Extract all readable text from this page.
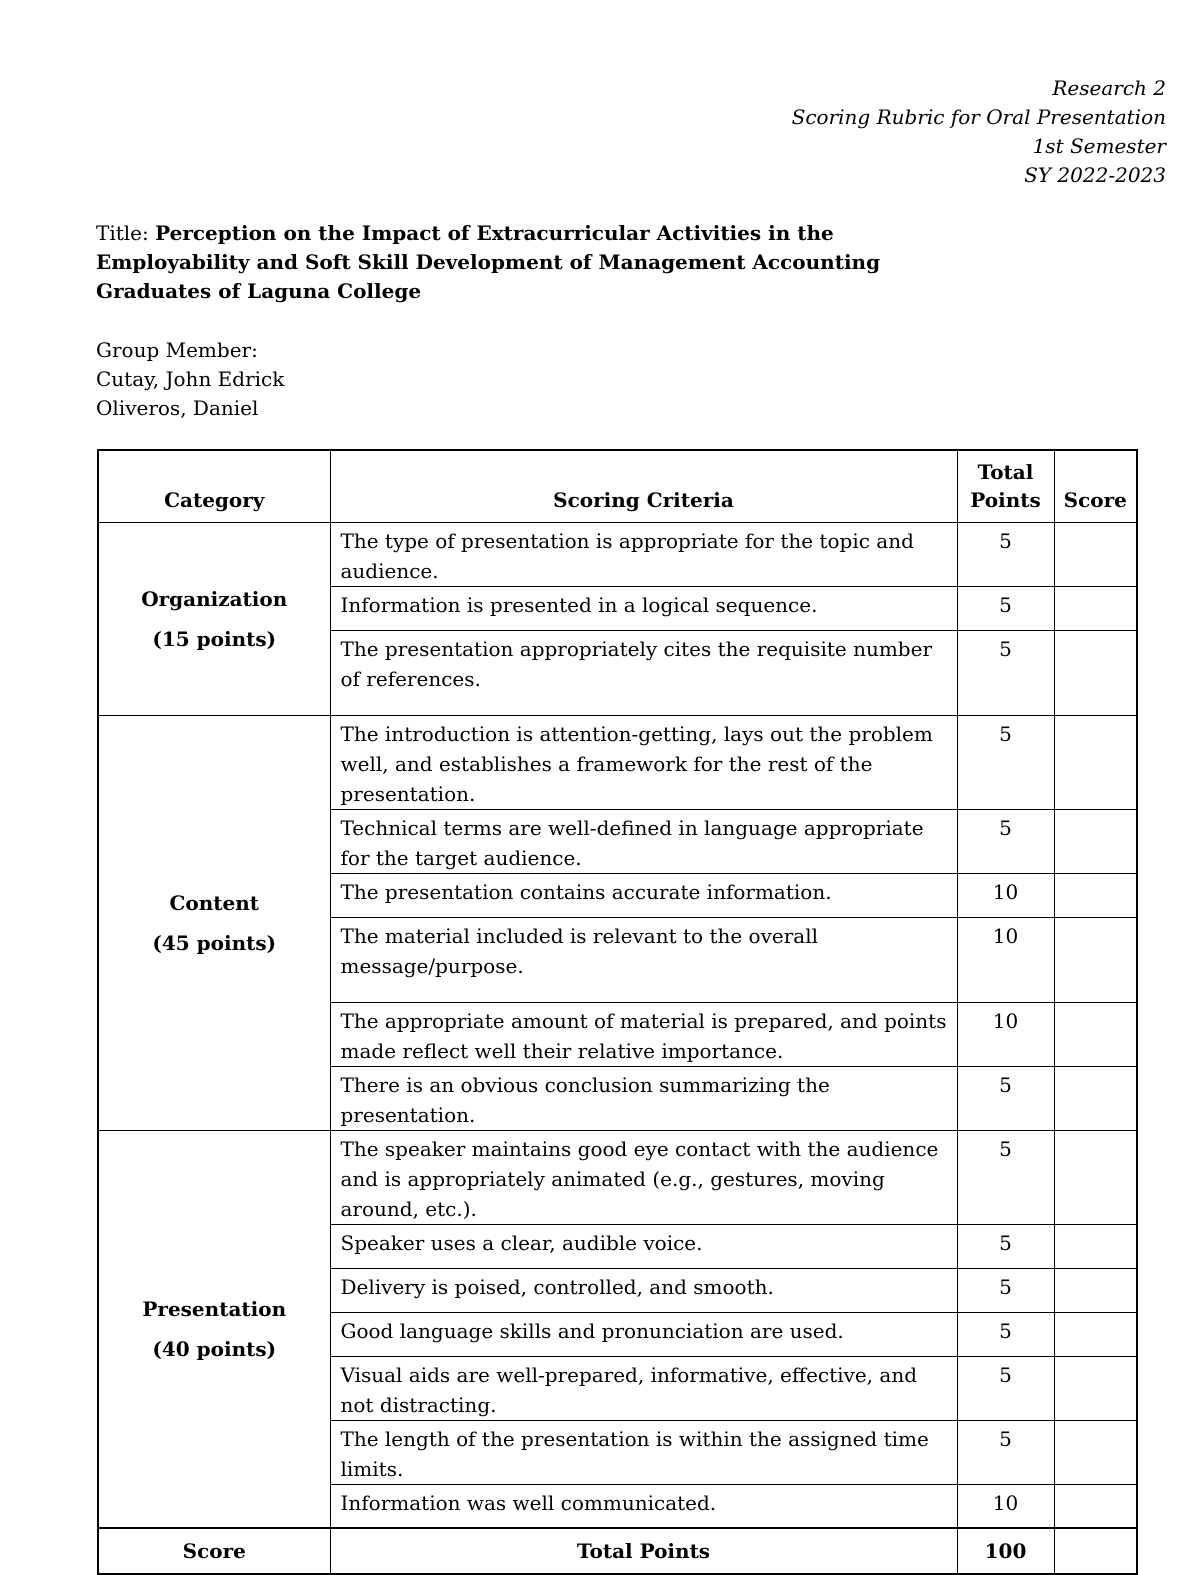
Research 2
Scoring Rubric for Oral Presentation
1st Semester
SY 2022-2023
Title: Perception on the Impact of Extracurricular Activities in the Employability and Soft Skill Development of Management Accounting Graduates of Laguna College
Group Member:
Cutay, John Edrick
Oliveros, Daniel
Category	Scoring Criteria	Total Points	Score

Organization
(15 points)	The type of presentation is appropriate for the topic and audience.	5	
	Information is presented in a logical sequence.	5	
	The presentation appropriately cites the requisite number of references.	5	

Content
(45 points)	The introduction is attention-getting, lays out the problem well, and establishes a framework for the rest of the presentation.	5	
	Technical terms are well-defined in language appropriate for the target audience.	5	
	The presentation contains accurate information.	10	
	The material included is relevant to the overall message/purpose.	10	
	The appropriate amount of material is prepared, and points made reflect well their relative importance.	10	
	There is an obvious conclusion summarizing the presentation.	5	

Presentation
(40 points)	The speaker maintains good eye contact with the audience and is appropriately animated (e.g., gestures, moving around, etc.).	5	
	Speaker uses a clear, audible voice.	5	
	Delivery is poised, controlled, and smooth.	5	
	Good language skills and pronunciation are used.	5	
	Visual aids are well-prepared, informative, effective, and not distracting.	5	
	The length of the presentation is within the assigned time limits.	5	
	Information was well communicated.	10	
Score	Total Points	100	
